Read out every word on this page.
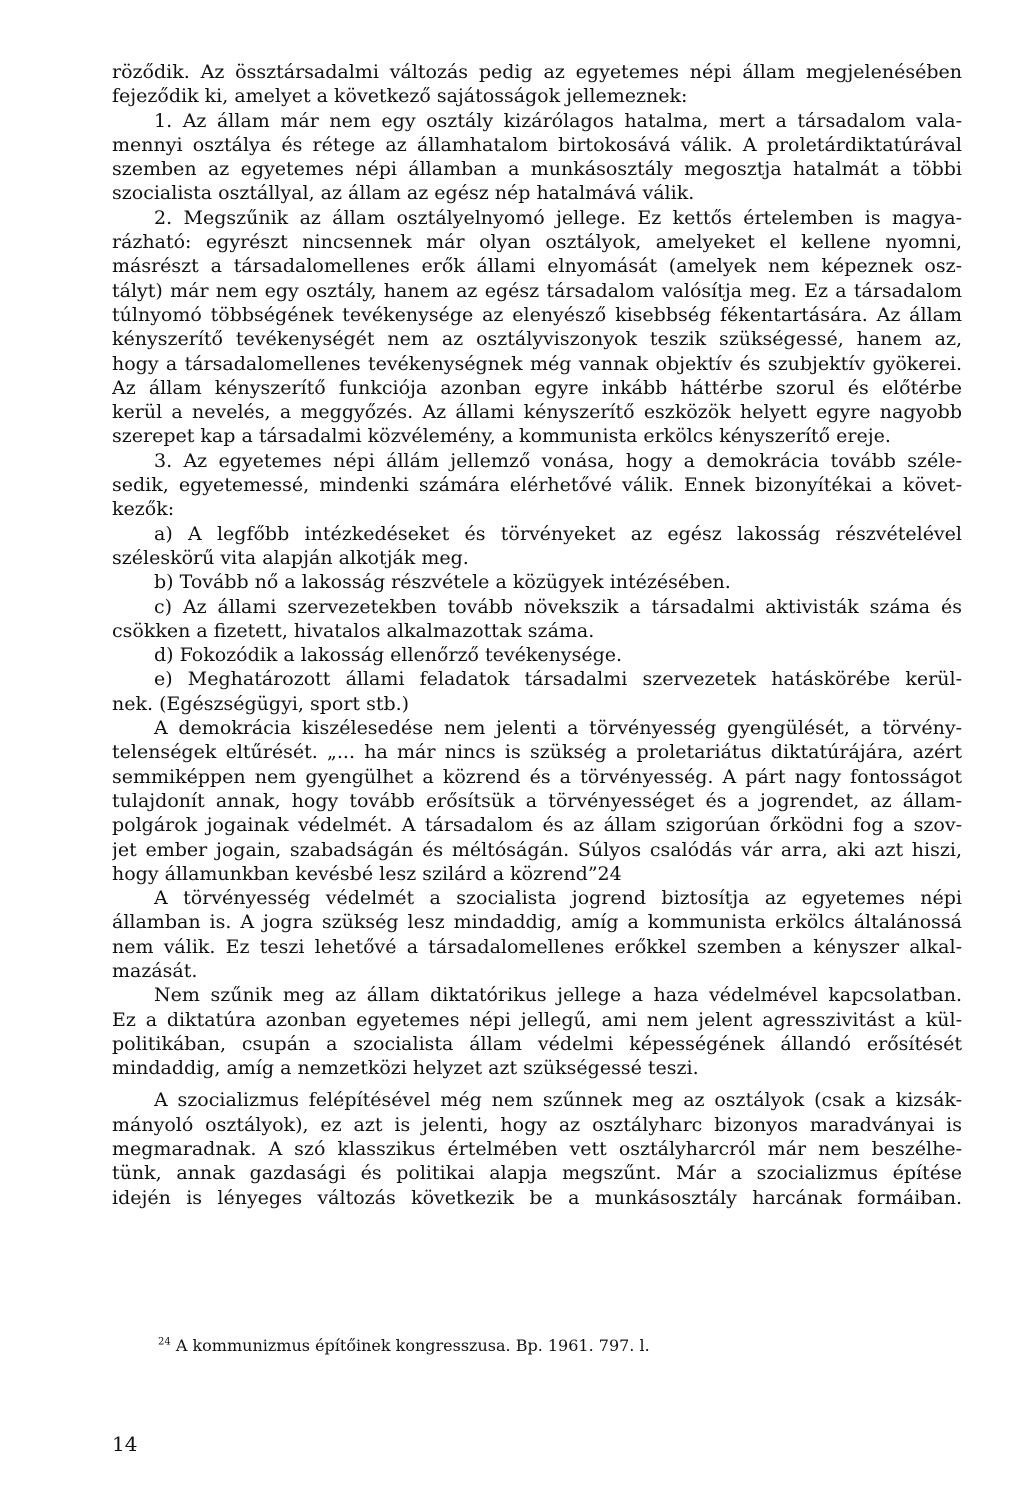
röződik. Az össztársadalmi változás pedig az egyetemes népi állam megjelenésében
fejeződik ki, amelyet a következő sajátosságok jellemeznek:
1. Az állam már nem egy osztály kizárólagos hatalma, mert a társadalom vala-
mennyi osztálya és rétege az államhatalom birtokosává válik. A proletárdiktatúrával
szemben az egyetemes népi államban a munkásosztály megosztja hatalmát a többi
szocialista osztállyal, az állam az egész nép hatalmává válik.
2. Megszűnik az állam osztályelnyomó jellege. Ez kettős értelemben is magya-
rázható: egyrészt nincsennek már olyan osztályok, amelyeket el kellene nyomni,
másrészt a társadalomellenes erők állami elnyomását (amelyek nem képeznek osz-
tályt) már nem egy osztály, hanem az egész társadalom valósítja meg. Ez a társadalom
túlnyomó többségének tevékenysége az elenyésző kisebbség fékentartására. Az állam
kényszerítő tevékenységét nem az osztályviszonyok teszik szükségessé, hanem az,
hogy a társadalomellenes tevékenységnek még vannak objektív és szubjektív gyökerei.
Az állam kényszerítő funkciója azonban egyre inkább háttérbe szorul és előtérbe
kerül a nevelés, a meggyőzés. Az állami kényszerítő eszközök helyett egyre nagyobb
szerepet kap a társadalmi közvélemény, a kommunista erkölcs kényszerítő ereje.
3. Az egyetemes népi állám jellemző vonása, hogy a demokrácia tovább széle-
sedik, egyetemessé, mindenki számára elérhetővé válik. Ennek bizonyítékai a követ-
kezők:
a) A legfőbb intézkedéseket és törvényeket az egész lakosság részvételével
széleskörű vita alapján alkotják meg.
b) Tovább nő a lakosság részvétele a közügyek intézésében.
c) Az állami szervezetekben tovább növekszik a társadalmi aktivisták száma és
csökken a fizetett, hivatalos alkalmazottak száma.
d) Fokozódik a lakosság ellenőrző tevékenysége.
e) Meghatározott állami feladatok társadalmi szervezetek hatáskörébe kerül-
nek. (Egészségügyi, sport stb.)
A demokrácia kiszélesedése nem jelenti a törvényesség gyengülését, a törvény-
telenségek eltűrését. „... ha már nincs is szükség a proletariátus diktatúrájára, azért
semmiképpen nem gyengülhet a közrend és a törvényesség. A párt nagy fontosságot
tulajdonít annak, hogy tovább erősítsük a törvényességet és a jogrendet, az állam-
polgárok jogainak védelmét. A társadalom és az állam szigorúan őrködni fog a szov-
jet ember jogain, szabadságán és méltóságán. Súlyos csalódás vár arra, aki azt hiszi,
hogy államunkban kevésbé lesz szilárd a közrend”24
A törvényesség védelmét a szocialista jogrend biztosítja az egyetemes népi
államban is. A jogra szükség lesz mindaddig, amíg a kommunista erkölcs általánossá
nem válik. Ez teszi lehetővé a társadalomellenes erőkkel szemben a kényszer alkal-
mazását.
Nem szűnik meg az állam diktatórikus jellege a haza védelmével kapcsolatban.
Ez a diktatúra azonban egyetemes népi jellegű, ami nem jelent agresszivitást a kül-
politikában, csupán a szocialista állam védelmi képességének állandó erősítését
mindaddig, amíg a nemzetközi helyzet azt szükségessé teszi.
A szocializmus felépítésével még nem szűnnek meg az osztályok (csak a kizsák-
mányoló osztályok), ez azt is jelenti, hogy az osztályharc bizonyos maradványai is
megmaradnak. A szó klasszikus értelmében vett osztályharcról már nem beszélhe-
tünk, annak gazdasági és politikai alapja megszűnt. Már a szocializmus építése
idején is lényeges változás következik be a munkásosztály harcának formáiban.
$^{24}$ A kommunizmus építőinek kongresszusa. Bp. 1961. 797. l.
14
